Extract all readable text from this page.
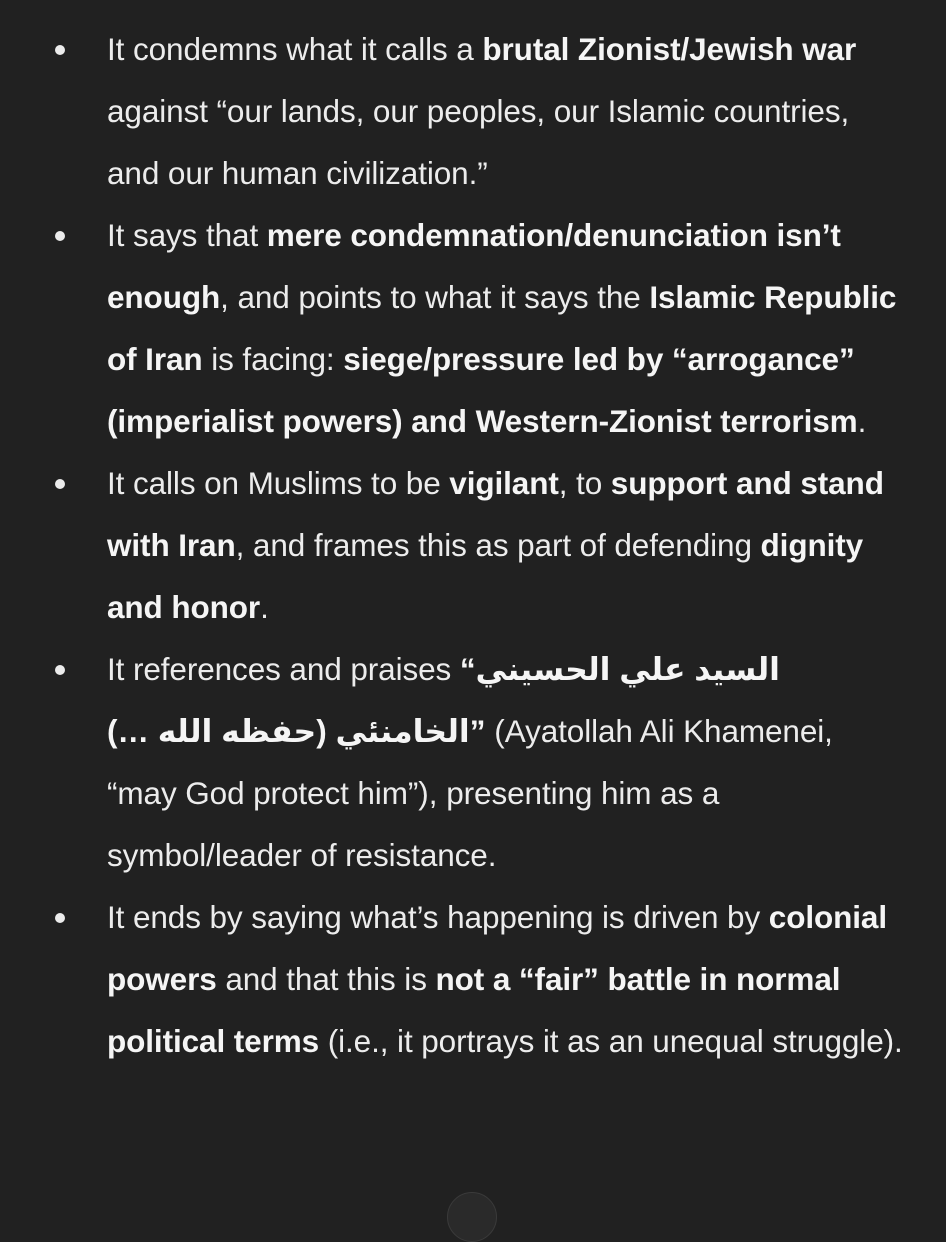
It condemns what it calls a brutal Zionist/Jewish war against “our lands, our peoples, our Islamic countries, and our human civilization.”
It says that mere condemnation/denunciation isn’t enough, and points to what it says the Islamic Republic of Iran is facing: siege/pressure led by “arrogance” (imperialist powers) and Western-Zionist terrorism.
It calls on Muslims to be vigilant, to support and stand with Iran, and frames this as part of defending dignity and honor.
It references and praises “السيد علي الحسيني الخامنئي (حفظه الله …)” (Ayatollah Ali Khamenei, “may God protect him”), presenting him as a symbol/leader of resistance.
It ends by saying what’s happening is driven by colonial powers and that this is not a “fair” battle in normal political terms (i.e., it portrays it as an unequal struggle).
